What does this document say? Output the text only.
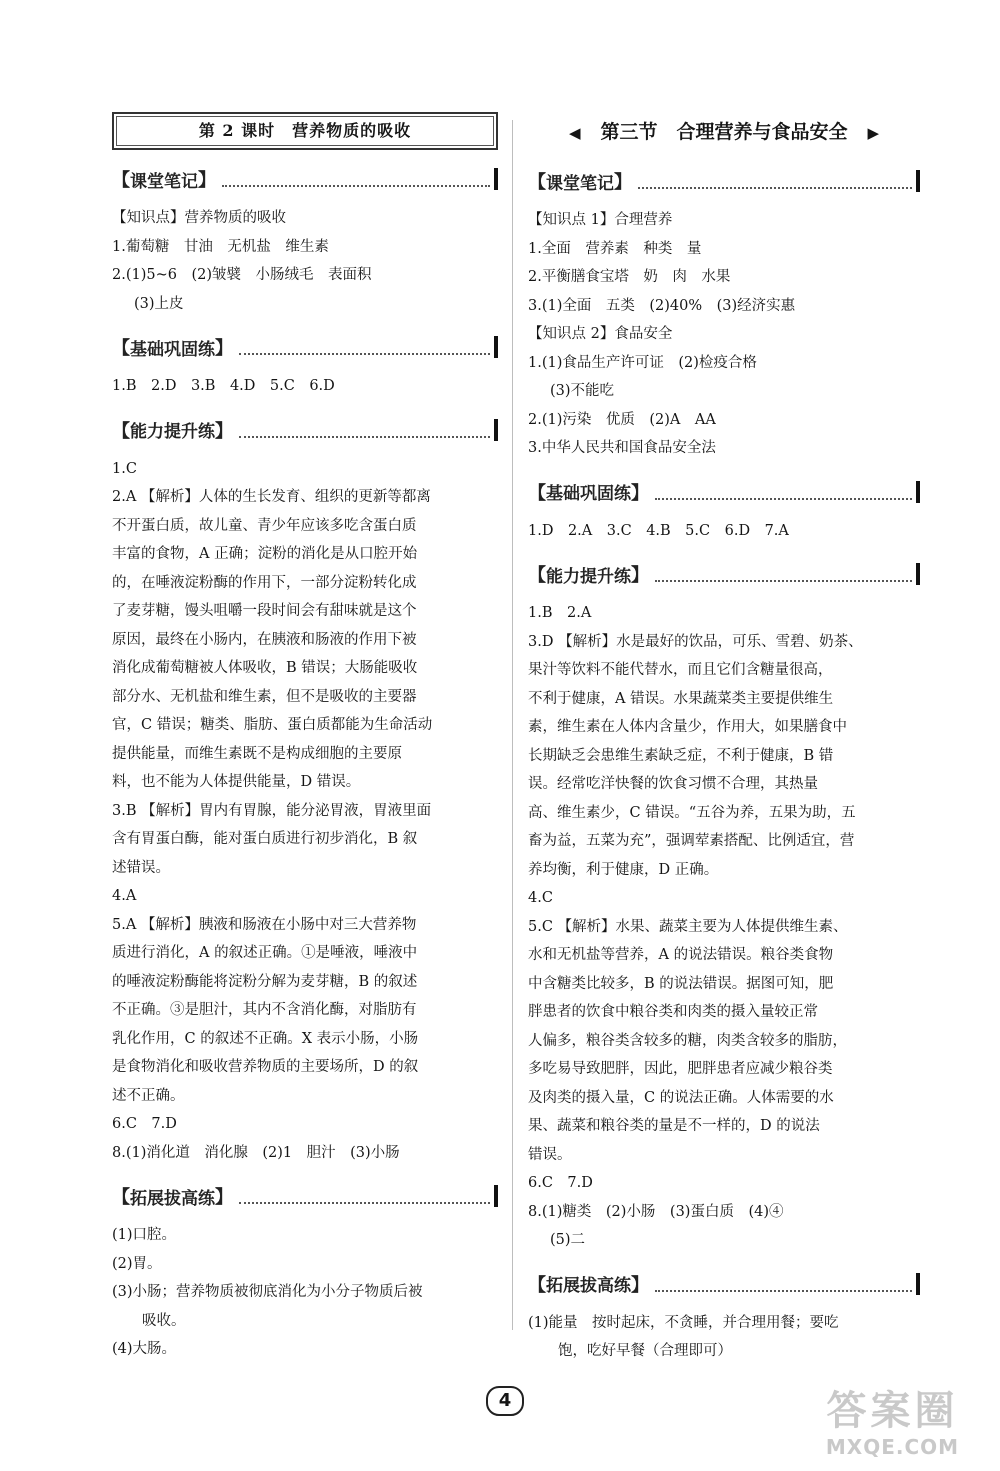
第 2 课时　营养物质的吸收
【 课堂笔记 】
【知识点】营养物质的吸收
1.葡萄糖　甘油　无机盐　维生素
2.(1)5~6　(2)皱襞　小肠绒毛　表面积
(3)上皮
【 基础巩固练 】
1.B　2.D　3.B　4.D　5.C　6.D
【 能力提升练 】
1.C
2.A 【解析】人体的生长发育、组织的更新等都离
不开蛋白质，故儿童、青少年应该多吃含蛋白质
丰富的食物，A 正确；淀粉的消化是从口腔开始
的，在唾液淀粉酶的作用下，一部分淀粉转化成
了麦芽糖，馒头咀嚼一段时间会有甜味就是这个
原因，最终在小肠内，在胰液和肠液的作用下被
消化成葡萄糖被人体吸收，B 错误；大肠能吸收
部分水、无机盐和维生素，但不是吸收的主要器
官，C 错误；糖类、脂肪、蛋白质都能为生命活动
提供能量，而维生素既不是构成细胞的主要原
料，也不能为人体提供能量，D 错误。
3.B 【解析】胃内有胃腺，能分泌胃液，胃液里面
含有胃蛋白酶，能对蛋白质进行初步消化，B 叙
述错误。
4.A
5.A 【解析】胰液和肠液在小肠中对三大营养物
质进行消化，A 的叙述正确。①是唾液，唾液中
的唾液淀粉酶能将淀粉分解为麦芽糖，B 的叙述
不正确。③是胆汁，其内不含消化酶，对脂肪有
乳化作用，C 的叙述不正确。X 表示小肠，小肠
是食物消化和吸收营养物质的主要场所，D 的叙
述不正确。
6.C　7.D
8.(1)消化道　消化腺　(2)1　胆汁　(3)小肠
【 拓展拔高练 】
(1)口腔。
(2)胃。
(3)小肠；营养物质被彻底消化为小分子物质后被
吸收。
(4)大肠。
◀ 第三节　合理营养与食品安全 ▶
【 课堂笔记 】
【知识点 1】合理营养
1.全面　营养素　种类　量
2.平衡膳食宝塔　奶　肉　水果
3.(1)全面　五类　(2)40%　(3)经济实惠
【知识点 2】食品安全
1.(1)食品生产许可证　(2)检疫合格
(3)不能吃
2.(1)污染　优质　(2)A　AA
3.中华人民共和国食品安全法
【 基础巩固练 】
1.D　2.A　3.C　4.B　5.C　6.D　7.A
【 能力提升练 】
1.B　2.A
3.D 【解析】水是最好的饮品，可乐、雪碧、奶茶、
果汁等饮料不能代替水，而且它们含糖量很高，
不利于健康，A 错误。水果蔬菜类主要提供维生
素，维生素在人体内含量少，作用大，如果膳食中
长期缺乏会患维生素缺乏症，不利于健康，B 错
误。经常吃洋快餐的饮食习惯不合理，其热量
高、维生素少，C 错误。“五谷为养，五果为助，五
畜为益，五菜为充”，强调荤素搭配、比例适宜，营
养均衡，利于健康，D 正确。
4.C
5.C 【解析】水果、蔬菜主要为人体提供维生素、
水和无机盐等营养，A 的说法错误。粮谷类食物
中含糖类比较多，B 的说法错误。据图可知，肥
胖患者的饮食中粮谷类和肉类的摄入量较正常
人偏多，粮谷类含较多的糖，肉类含较多的脂肪，
多吃易导致肥胖，因此，肥胖患者应减少粮谷类
及肉类的摄入量，C 的说法正确。人体需要的水
果、蔬菜和粮谷类的量是不一样的，D 的说法
错误。
6.C　7.D
8.(1)糖类　(2)小肠　(3)蛋白质　(4)④
(5)二
【 拓展拔高练 】
(1)能量　按时起床，不贪睡，并合理用餐；要吃
饱，吃好早餐（合理即可）
4	答案圈
MXQE.COM
